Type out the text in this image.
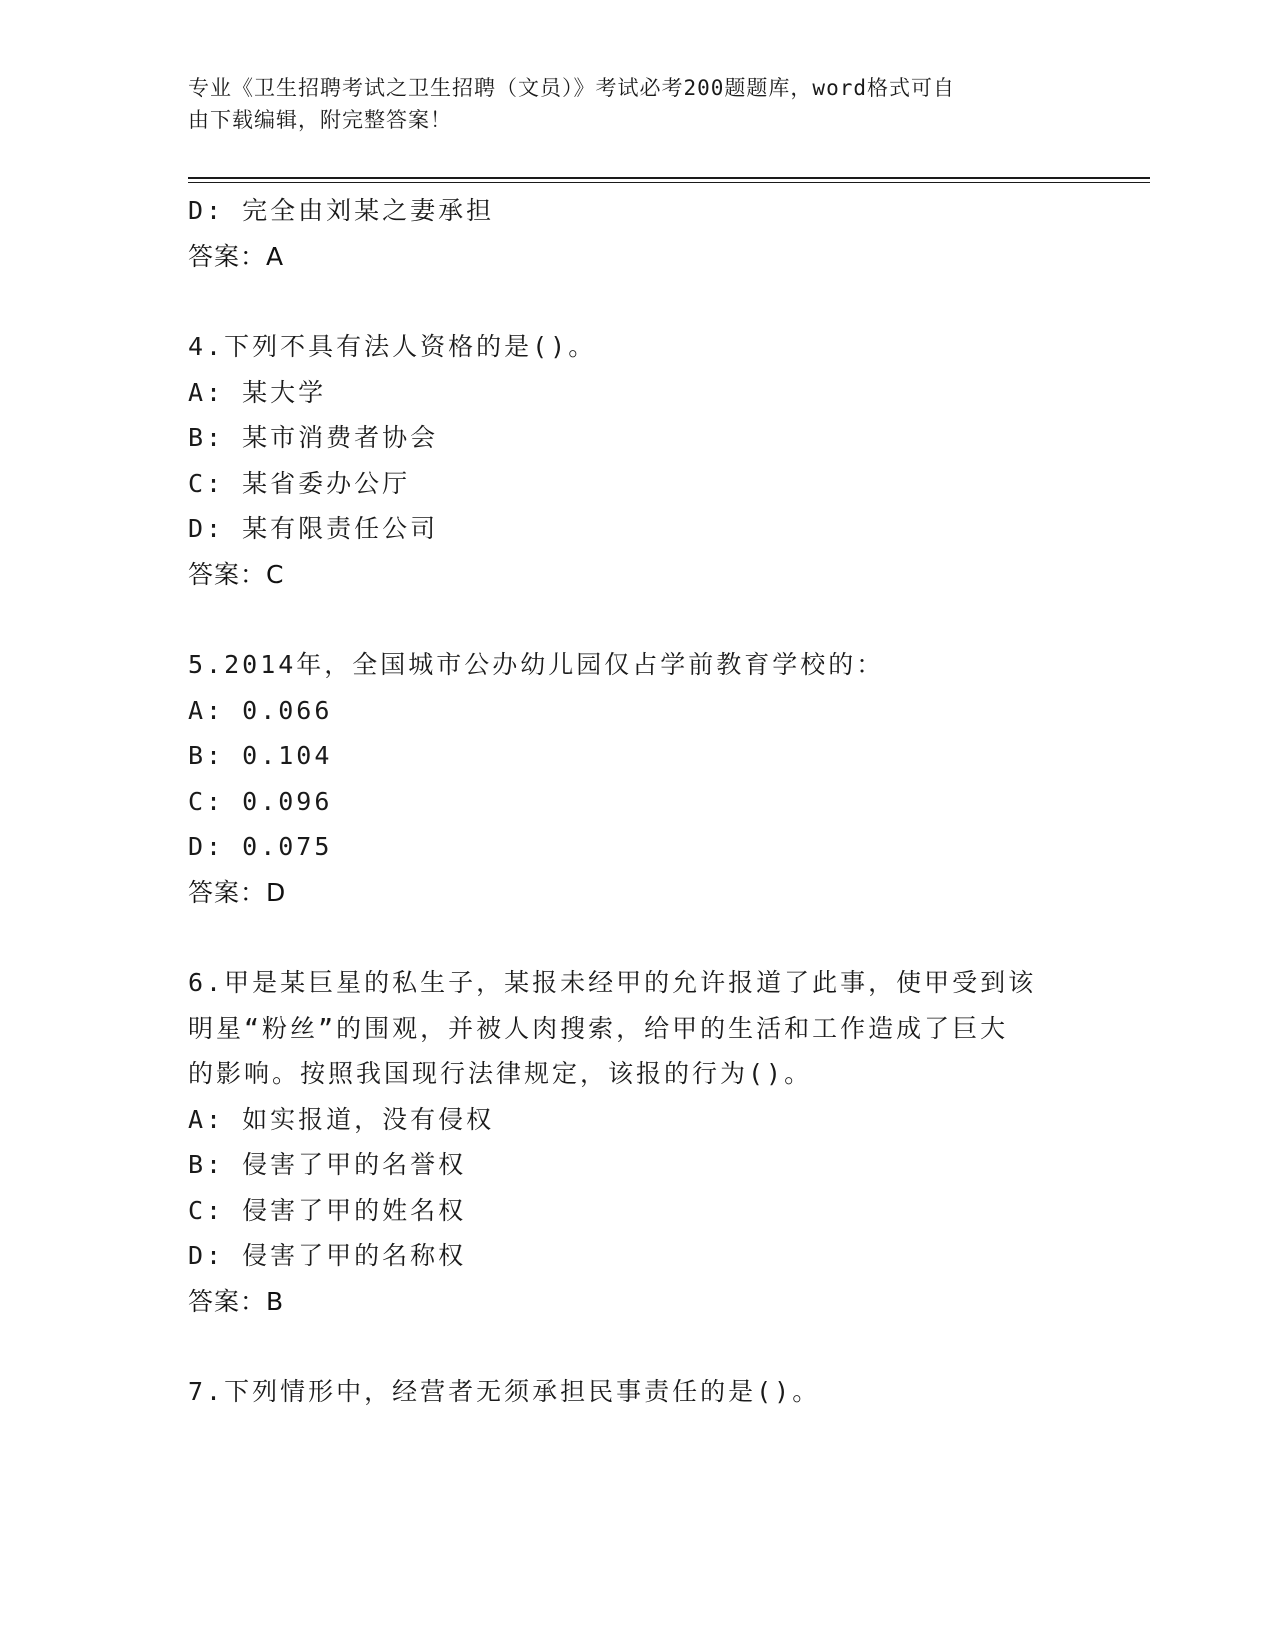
专业《卫生招聘考试之卫生招聘（文员）》考试必考200题题库，word格式可自
由下载编辑，附完整答案！
D: 完全由刘某之妻承担
答案：A
4.下列不具有法人资格的是()。
A: 某大学
B: 某市消费者协会
C: 某省委办公厅
D: 某有限责任公司
答案：C
5.2014年，全国城市公办幼儿园仅占学前教育学校的：
A: 0.066
B: 0.104
C: 0.096
D: 0.075
答案：D
6.甲是某巨星的私生子，某报未经甲的允许报道了此事，使甲受到该
明星“粉丝”的围观，并被人肉搜索，给甲的生活和工作造成了巨大
的影响。按照我国现行法律规定，该报的行为()。
A: 如实报道，没有侵权
B: 侵害了甲的名誉权
C: 侵害了甲的姓名权
D: 侵害了甲的名称权
答案：B
7.下列情形中，经营者无须承担民事责任的是()。
